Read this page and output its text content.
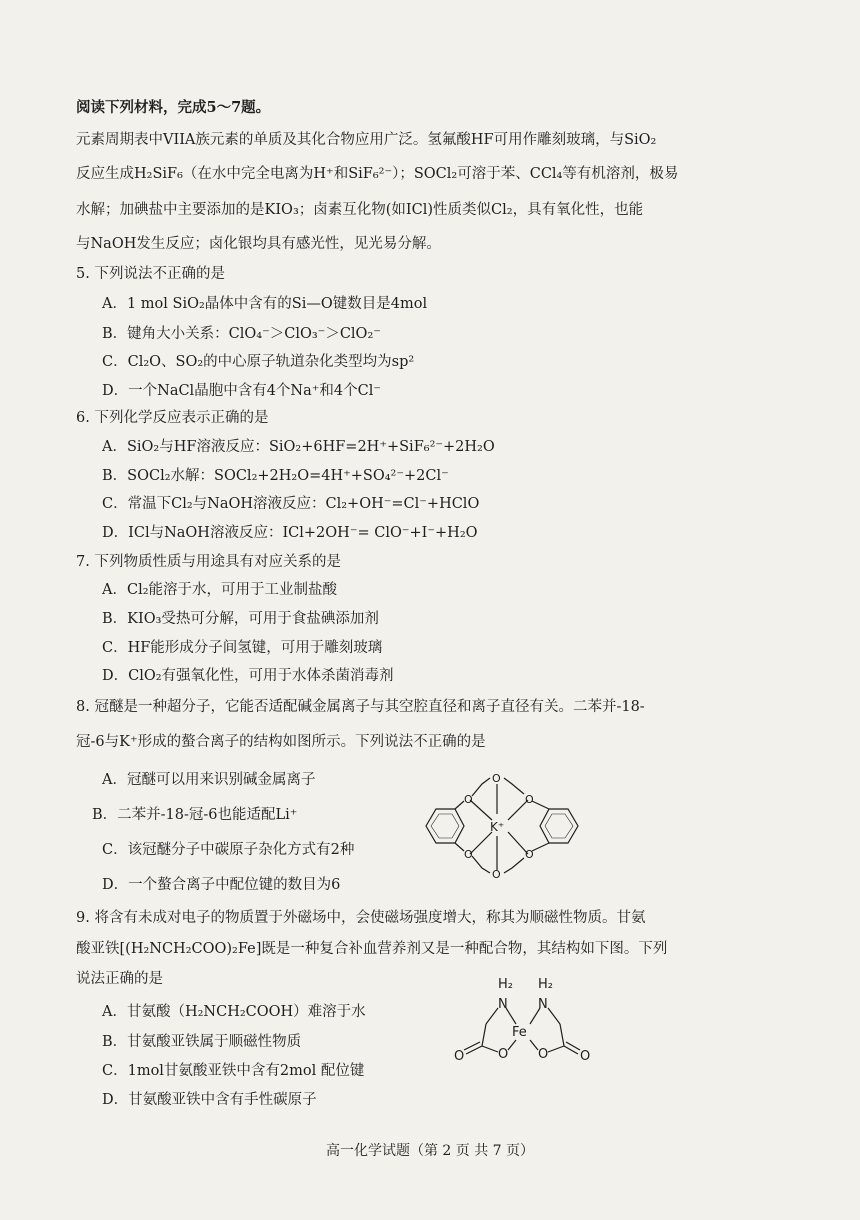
阅读下列材料，完成5～7题。
元素周期表中VIIA族元素的单质及其化合物应用广泛。氢氟酸HF可用作雕刻玻璃，与SiO₂
反应生成H₂SiF₆（在水中完全电离为H⁺和SiF₆²⁻）；SOCl₂可溶于苯、CCl₄等有机溶剂，极易
水解；加碘盐中主要添加的是KIO₃；卤素互化物(如ICl)性质类似Cl₂，具有氧化性，也能
与NaOH发生反应；卤化银均具有感光性，见光易分解。
5. 下列说法不正确的是
A．1 mol SiO₂晶体中含有的Si—O键数目是4mol
B．键角大小关系：ClO₄⁻＞ClO₃⁻＞ClO₂⁻
C．Cl₂O、SO₂的中心原子轨道杂化类型均为sp²
D．一个NaCl晶胞中含有4个Na⁺和4个Cl⁻
6. 下列化学反应表示正确的是
A．SiO₂与HF溶液反应：SiO₂+6HF=2H⁺+SiF₆²⁻+2H₂O
B．SOCl₂水解：SOCl₂+2H₂O=4H⁺+SO₄²⁻+2Cl⁻
C．常温下Cl₂与NaOH溶液反应：Cl₂+OH⁻=Cl⁻+HClO
D．ICl与NaOH溶液反应：ICl+2OH⁻= ClO⁻+I⁻+H₂O
7. 下列物质性质与用途具有对应关系的是
A．Cl₂能溶于水，可用于工业制盐酸
B．KIO₃受热可分解，可用于食盐碘添加剂
C．HF能形成分子间氢键，可用于雕刻玻璃
D．ClO₂有强氧化性，可用于水体杀菌消毒剂
8. 冠醚是一种超分子，它能否适配碱金属离子与其空腔直径和离子直径有关。二苯并-18-
冠-6与K⁺形成的螯合离子的结构如图所示。下列说法不正确的是
A．冠醚可以用来识别碱金属离子
B．二苯并-18-冠-6也能适配Li⁺
C．该冠醚分子中碳原子杂化方式有2种
D．一个螯合离子中配位键的数目为6
O
O
O
O
O
O
K⁺
9. 将含有未成对电子的物质置于外磁场中，会使磁场强度增大，称其为顺磁性物质。甘氨
酸亚铁[(H₂NCH₂COO)₂Fe]既是一种复合补血营养剂又是一种配合物，其结构如下图。下列
说法正确的是
A．甘氨酸（H₂NCH₂COOH）难溶于水
B．甘氨酸亚铁属于顺磁性物质
C．1mol甘氨酸亚铁中含有2mol 配位键
D．甘氨酸亚铁中含有手性碳原子
H₂ H₂
N N
Fe
O O
O	O
高一化学试题（第 2 页 共 7 页）
